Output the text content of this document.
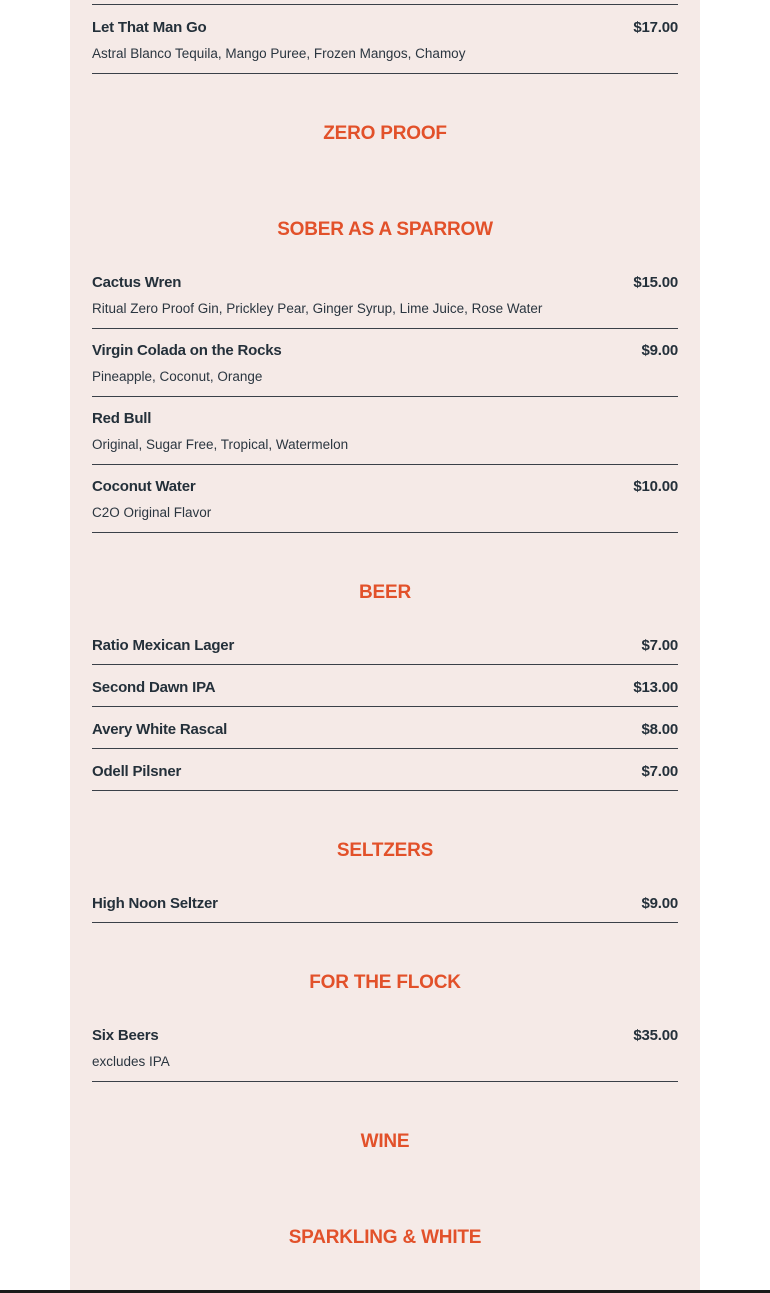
Let That Man Go	$17.00
Astral Blanco Tequila, Mango Puree, Frozen Mangos, Chamoy
ZERO PROOF
SOBER AS A SPARROW
Cactus Wren	$15.00
Ritual Zero Proof Gin, Prickley Pear, Ginger Syrup, Lime Juice, Rose Water
Virgin Colada on the Rocks	$9.00
Pineapple, Coconut, Orange
Red Bull
Original, Sugar Free, Tropical, Watermelon
Coconut Water	$10.00
C2O Original Flavor
BEER
Ratio Mexican Lager	$7.00
Second Dawn IPA	$13.00
Avery White Rascal	$8.00
Odell Pilsner	$7.00
SELTZERS
High Noon Seltzer	$9.00
FOR THE FLOCK
Six Beers	$35.00
excludes IPA
WINE
SPARKLING & WHITE
